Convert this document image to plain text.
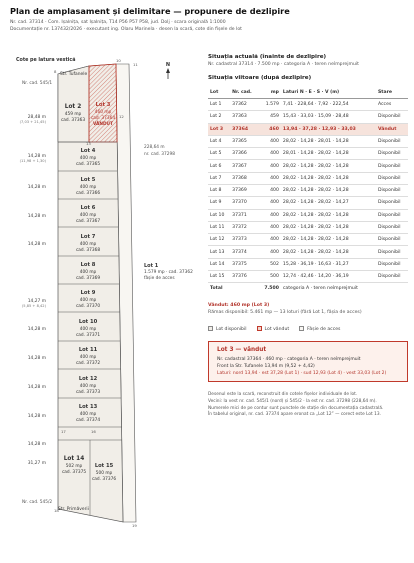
Plan de amplasament și delimitare — propunere de dezlipire
Nr. cad. 37314 · Com. Ișalnița, sat Ișalnița, T14 P56 P57 P58, jud. Dolj · scara originală 1:1000
Documentație nr. 137432/2026 · executant ing. Olaru Marinela · desen la scară, cote din fișele de lot
Cote pe latura vestică
N
Nr. cad. 545/1
Nr. cad. 545/2
228,64 m
nr. cad. 37298
Lot 1
1.579 mp · cad. 37362
fâșie de acces
Str. Tufanele
Str. Primăverii
8
11
10
12
13
17	16
18
19
28,48 m
(7,03 + 21,45)
14,28 m
(11,98 + 1,30)
14,28 m
14,28 m
14,28 m
14,27 m
(5,85 + 8,42)
14,28 m
14,28 m
14,28 m
14,28 m
14,28 m
31,27 m
Lot 2
459 mp
cad. 37363
Lot 3
460 mp
cad. 37364
VÂNDUT
Lot 4
400 mp
cad. 37365
Lot 5
400 mp
cad. 37366
Lot 6
400 mp
cad. 37367
Lot 7
400 mp
cad. 37368
Lot 8
400 mp
cad. 37369
Lot 9
400 mp
cad. 37370
Lot 10
400 mp
cad. 37371
Lot 11
400 mp
cad. 37372
Lot 12
400 mp
cad. 37373
Lot 13
400 mp
cad. 37374
Lot 14
502 mp
cad. 37375
Lot 15
500 mp
cad. 37376
Situația actuală (înainte de dezlipire)
Nr. cadastral 37314 · 7.500 mp · categoria A · teren neîmprejmuit
Situația viitoare (după dezlipire)
Lot	Nr. cad.	mp	Laturi N · E · S · V (m)	Stare
Lot 1	37362	1.579	7,41 · 228,64 · 7,92 · 222,54	Acces
Lot 2	37363	459	15,43 · 33,03 · 15,09 · 28,48	Disponibil
Lot 3	37364	460	13,94 · 37,28 · 12,93 · 33,03	Vândut
Lot 4	37365	400	28,02 · 14,28 · 28,01 · 14,28	Disponibil
Lot 5	37366	400	28,01 · 14,28 · 28,02 · 14,28	Disponibil
Lot 6	37367	400	28,02 · 14,28 · 28,02 · 14,28	Disponibil
Lot 7	37368	400	28,02 · 14,28 · 28,02 · 14,28	Disponibil
Lot 8	37369	400	28,02 · 14,28 · 28,02 · 14,28	Disponibil
Lot 9	37370	400	28,02 · 14,28 · 28,02 · 14,27	Disponibil
Lot 10	37371	400	28,02 · 14,28 · 28,02 · 14,28	Disponibil
Lot 11	37372	400	28,02 · 14,28 · 28,02 · 14,28	Disponibil
Lot 12	37373	400	28,02 · 14,28 · 28,02 · 14,28	Disponibil
Lot 13	37374	400	28,02 · 14,28 · 28,02 · 14,28	Disponibil
Lot 14	37375	502	15,28 · 36,19 · 16,63 · 31,27	Disponibil
Lot 15	37376	500	12,74 · 42,46 · 14,20 · 36,19	Disponibil
Total		7.500	categoria A · teren neîmprejmuit	
Vândut: 460 mp (Lot 3)
Rămas disponibil: 5.461 mp — 13 loturi (fără Lot 1, fâșia de acces)
Lot disponibil	Lot vândut	Fâșie de acces
Lot 3 — vândut

Nr. cadastral 37364 · 460 mp · categoria A · teren neîmprejmuit

Front la Str. Tufanele 13,94 m (9,52 + 4,42)

Laturi: nord 13,94 · est 37,28 (Lot 1) · sud 12,93 (Lot 4) · vest 33,03 (Lot 2)

Desenul este la scară, reconstruit din cotele fișelor individuale de lot.
Vecini: la vest nr. cad. 545/1 (nord) și 545/2 · la est nr. cad. 37298 (228,64 m).
Numerele mici de pe contur sunt punctele de stație din documentația cadastrală.
În tabelul original, nr. cad. 37374 apare eronat ca „Lot 12” — corect este Lot 13.
